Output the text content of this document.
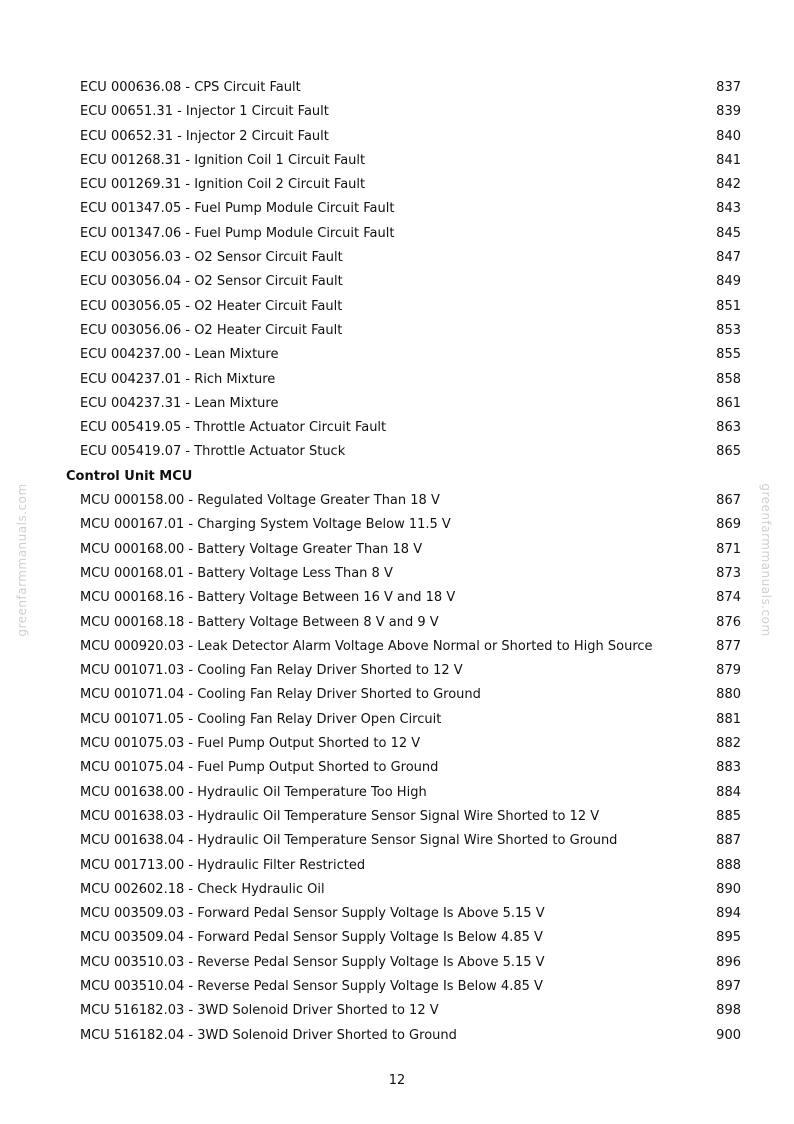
greenfarmmanuals.com	greenfarmmanuals.com
ECU 000636.08 - CPS Circuit Fault	837
ECU 00651.31 - Injector 1 Circuit Fault	839
ECU 00652.31 - Injector 2 Circuit Fault	840
ECU 001268.31 - Ignition Coil 1 Circuit Fault	841
ECU 001269.31 - Ignition Coil 2 Circuit Fault	842
ECU 001347.05 - Fuel Pump Module Circuit Fault	843
ECU 001347.06 - Fuel Pump Module Circuit Fault	845
ECU 003056.03 - O2 Sensor Circuit Fault	847
ECU 003056.04 - O2 Sensor Circuit Fault	849
ECU 003056.05 - O2 Heater Circuit Fault	851
ECU 003056.06 - O2 Heater Circuit Fault	853
ECU 004237.00 - Lean Mixture	855
ECU 004237.01 - Rich Mixture	858
ECU 004237.31 - Lean Mixture	861
ECU 005419.05 - Throttle Actuator Circuit Fault	863
ECU 005419.07 - Throttle Actuator Stuck	865
Control Unit MCU
MCU 000158.00 - Regulated Voltage Greater Than 18 V	867
MCU 000167.01 - Charging System Voltage Below 11.5 V	869
MCU 000168.00 - Battery Voltage Greater Than 18 V	871
MCU 000168.01 - Battery Voltage Less Than 8 V	873
MCU 000168.16 - Battery Voltage Between 16 V and 18 V	874
MCU 000168.18 - Battery Voltage Between 8 V and 9 V	876
MCU 000920.03 - Leak Detector Alarm Voltage Above Normal or Shorted to High Source	877
MCU 001071.03 - Cooling Fan Relay Driver Shorted to 12 V	879
MCU 001071.04 - Cooling Fan Relay Driver Shorted to Ground	880
MCU 001071.05 - Cooling Fan Relay Driver Open Circuit	881
MCU 001075.03 - Fuel Pump Output Shorted to 12 V	882
MCU 001075.04 - Fuel Pump Output Shorted to Ground	883
MCU 001638.00 - Hydraulic Oil Temperature Too High	884
MCU 001638.03 - Hydraulic Oil Temperature Sensor Signal Wire Shorted to 12 V	885
MCU 001638.04 - Hydraulic Oil Temperature Sensor Signal Wire Shorted to Ground	887
MCU 001713.00 - Hydraulic Filter Restricted	888
MCU 002602.18 - Check Hydraulic Oil	890
MCU 003509.03 - Forward Pedal Sensor Supply Voltage Is Above 5.15 V	894
MCU 003509.04 - Forward Pedal Sensor Supply Voltage Is Below 4.85 V	895
MCU 003510.03 - Reverse Pedal Sensor Supply Voltage Is Above 5.15 V	896
MCU 003510.04 - Reverse Pedal Sensor Supply Voltage Is Below 4.85 V	897
MCU 516182.03 - 3WD Solenoid Driver Shorted to 12 V	898
MCU 516182.04 - 3WD Solenoid Driver Shorted to Ground	900
12
